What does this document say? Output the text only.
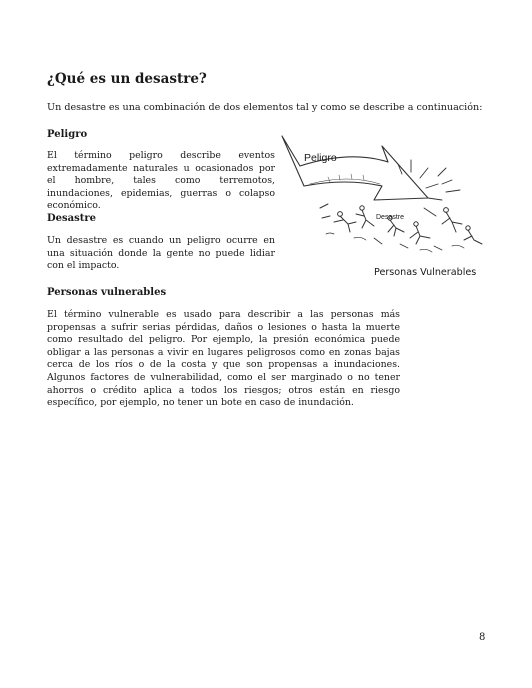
¿Qué es un desastre?
Un desastre es una combinación de dos elementos tal y como se describe a continuación:
Peligro
El término peligro describe eventos extremadamente naturales u ocasionados por el hombre, tales como terremotos, inundaciones, epidemias, guerras o colapso económico.
Desastre
Un desastre es cuando un peligro ocurre en una situación donde la gente no puede lidiar con el impacto.
Personas vulnerables
El término vulnerable es usado para describir a las personas más propensas a sufrir serias pérdidas, daños o lesiones o hasta la muerte como resultado del peligro. Por ejemplo, la presión económica puede obligar a las personas a vivir en lugares peligrosos como en zonas bajas cerca de los ríos o de la costa y que son propensas a inundaciones. Algunos factores de vulnerabilidad, como el ser marginado o no tener ahorros o crédito aplica a todos los riesgos; otros están en riesgo específico, por ejemplo, no tener un bote en caso de inundación.
Peligro
Desastre
Personas Vulnerables
8
